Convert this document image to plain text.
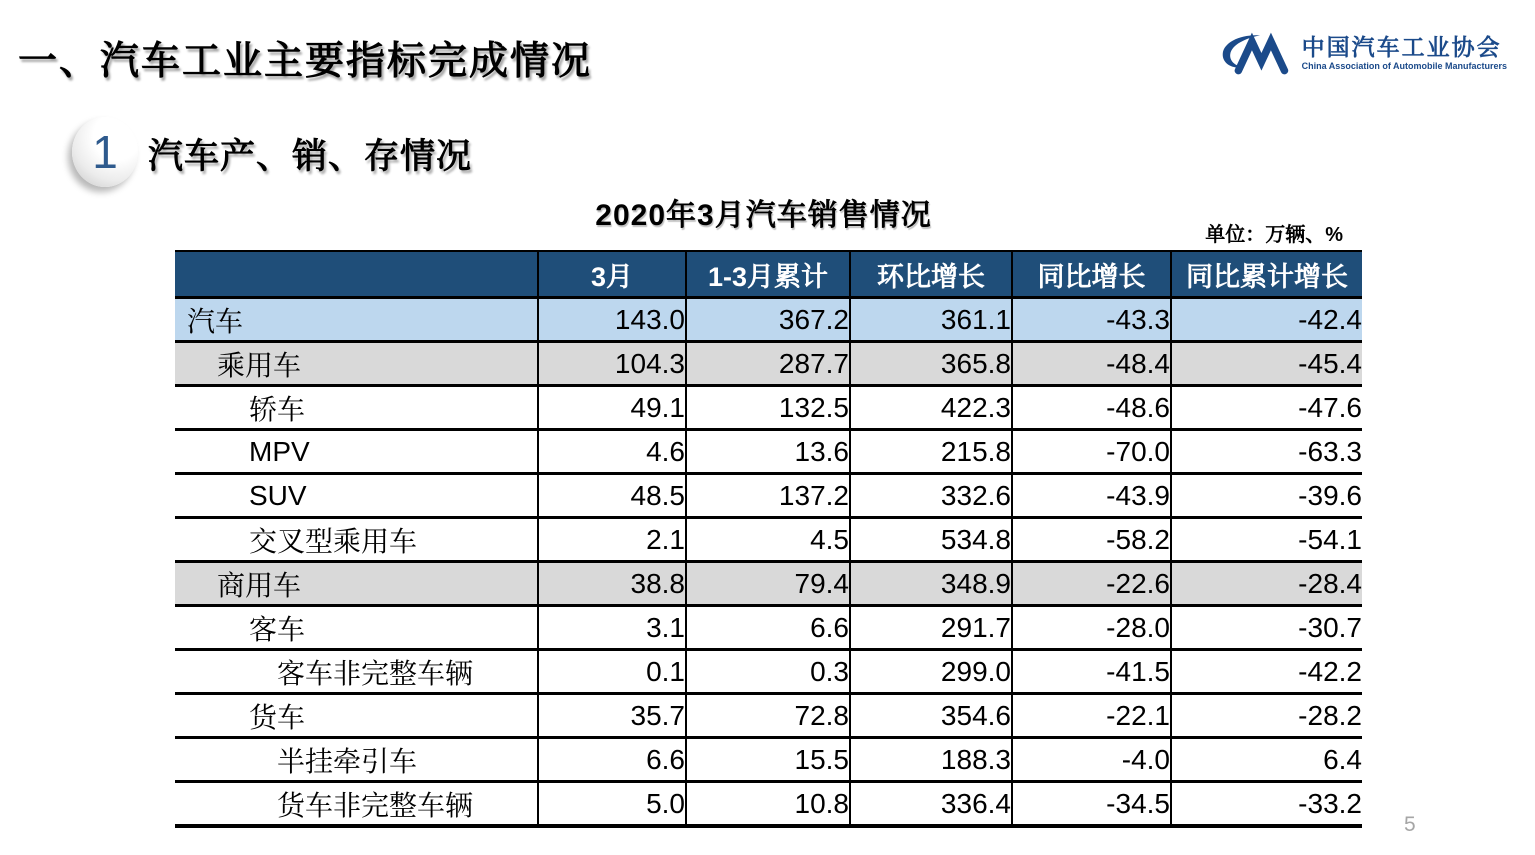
一、汽车工业主要指标完成情况	中国汽车工业协会
China Association of Automobile Manufacturers
1 汽车产、销、存情况
2020年3月汽车销售情况
单位：万辆、%
	3月	1-3月累计	环比增长	同比增长	同比累计增长
汽车	143.0	367.2	361.1	-43.3	-42.4
乘用车	104.3	287.7	365.8	-48.4	-45.4
轿车	49.1	132.5	422.3	-48.6	-47.6
MPV	4.6	13.6	215.8	-70.0	-63.3
SUV	48.5	137.2	332.6	-43.9	-39.6
交叉型乘用车	2.1	4.5	534.8	-58.2	-54.1
商用车	38.8	79.4	348.9	-22.6	-28.4
客车	3.1	6.6	291.7	-28.0	-30.7
客车非完整车辆	0.1	0.3	299.0	-41.5	-42.2
货车	35.7	72.8	354.6	-22.1	-28.2
半挂牵引车	6.6	15.5	188.3	-4.0	6.4
货车非完整车辆	5.0	10.8	336.4	-34.5	-33.2
5
